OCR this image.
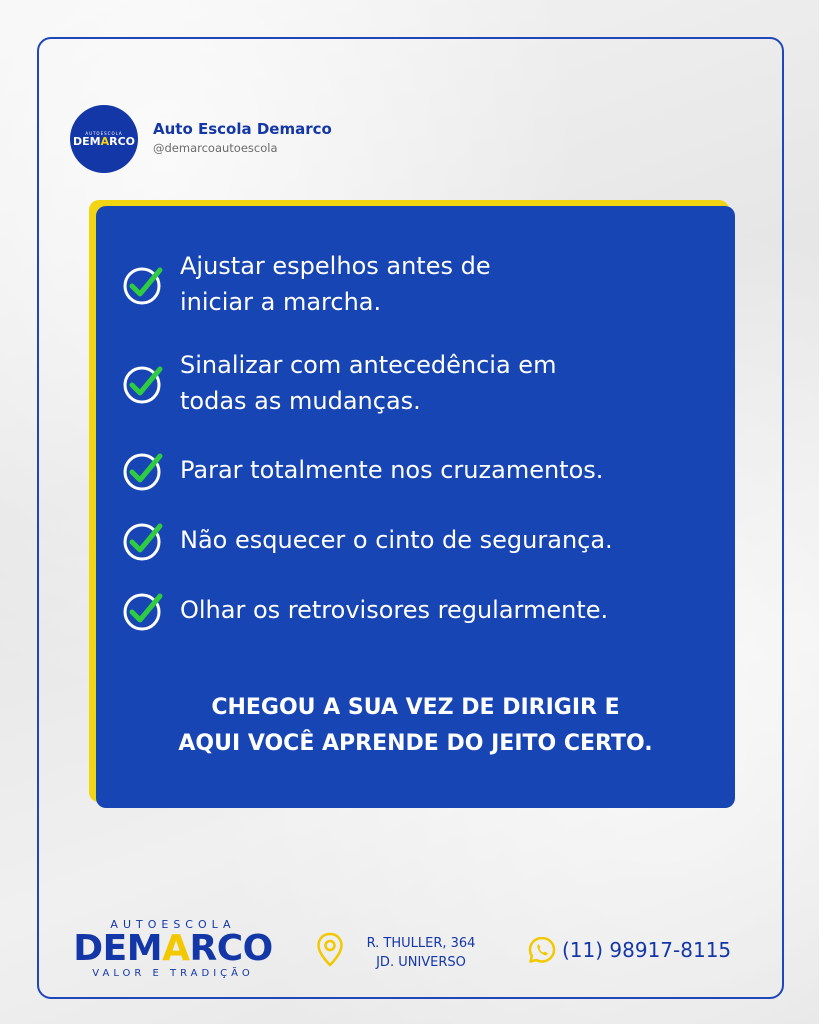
AUTOESCOLA
DEMARCO
Auto Escola Demarco
@demarcoautoescola
Ajustar espelhos antes de
iniciar a marcha.
Sinalizar com antecedência em
todas as mudanças.
Parar totalmente nos cruzamentos.
Não esquecer o cinto de segurança.
Olhar os retrovisores regularmente.
CHEGOU A SUA VEZ DE DIRIGIR E
AQUI VOCÊ APRENDE DO JEITO CERTO.
AUTOESCOLA
DEMARCO
VALOR E TRADIÇÃO
R. THULLER, 364
JD. UNIVERSO
(11) 98917-8115
